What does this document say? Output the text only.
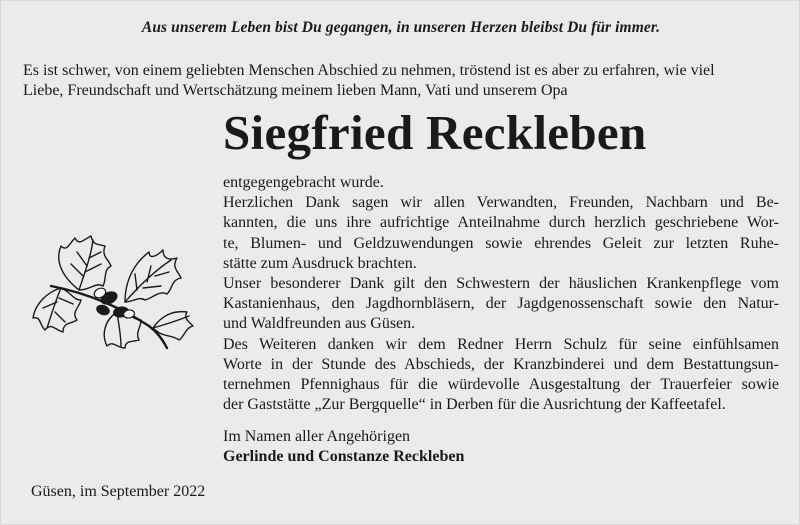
Aus unserem Leben bist Du gegangen, in unseren Herzen bleibst Du für immer.
Es ist schwer, von einem geliebten Menschen Abschied zu nehmen, tröstend ist es aber zu erfahren, wie viel
Liebe, Freundschaft und Wertschätzung meinem lieben Mann, Vati und unserem Opa
Siegfried Reckleben
entgegengebracht wurde.
Herzlichen Dank sagen wir allen Verwandten, Freunden, Nachbarn und Be-
kannten, die uns ihre aufrichtige Anteilnahme durch herzlich geschriebene Wor-
te, Blumen- und Geldzuwendungen sowie ehrendes Geleit zur letzten Ruhe-
stätte zum Ausdruck brachten.
Unser besonderer Dank gilt den Schwestern der häuslichen Krankenpflege vom
Kastanienhaus, den Jagdhornbläsern, der Jagdgenossenschaft sowie den Natur-
und Waldfreunden aus Güsen.
Des Weiteren danken wir dem Redner Herrn Schulz für seine einfühlsamen
Worte in der Stunde des Abschieds, der Kranzbinderei und dem Bestattungsun-
ternehmen Pfennighaus für die würdevolle Ausgestaltung der Trauerfeier sowie
der Gaststätte „Zur Bergquelle“ in Derben für die Ausrichtung der Kaffeetafel.
Im Namen aller Angehörigen
Gerlinde und Constanze Reckleben
Güsen, im September 2022
